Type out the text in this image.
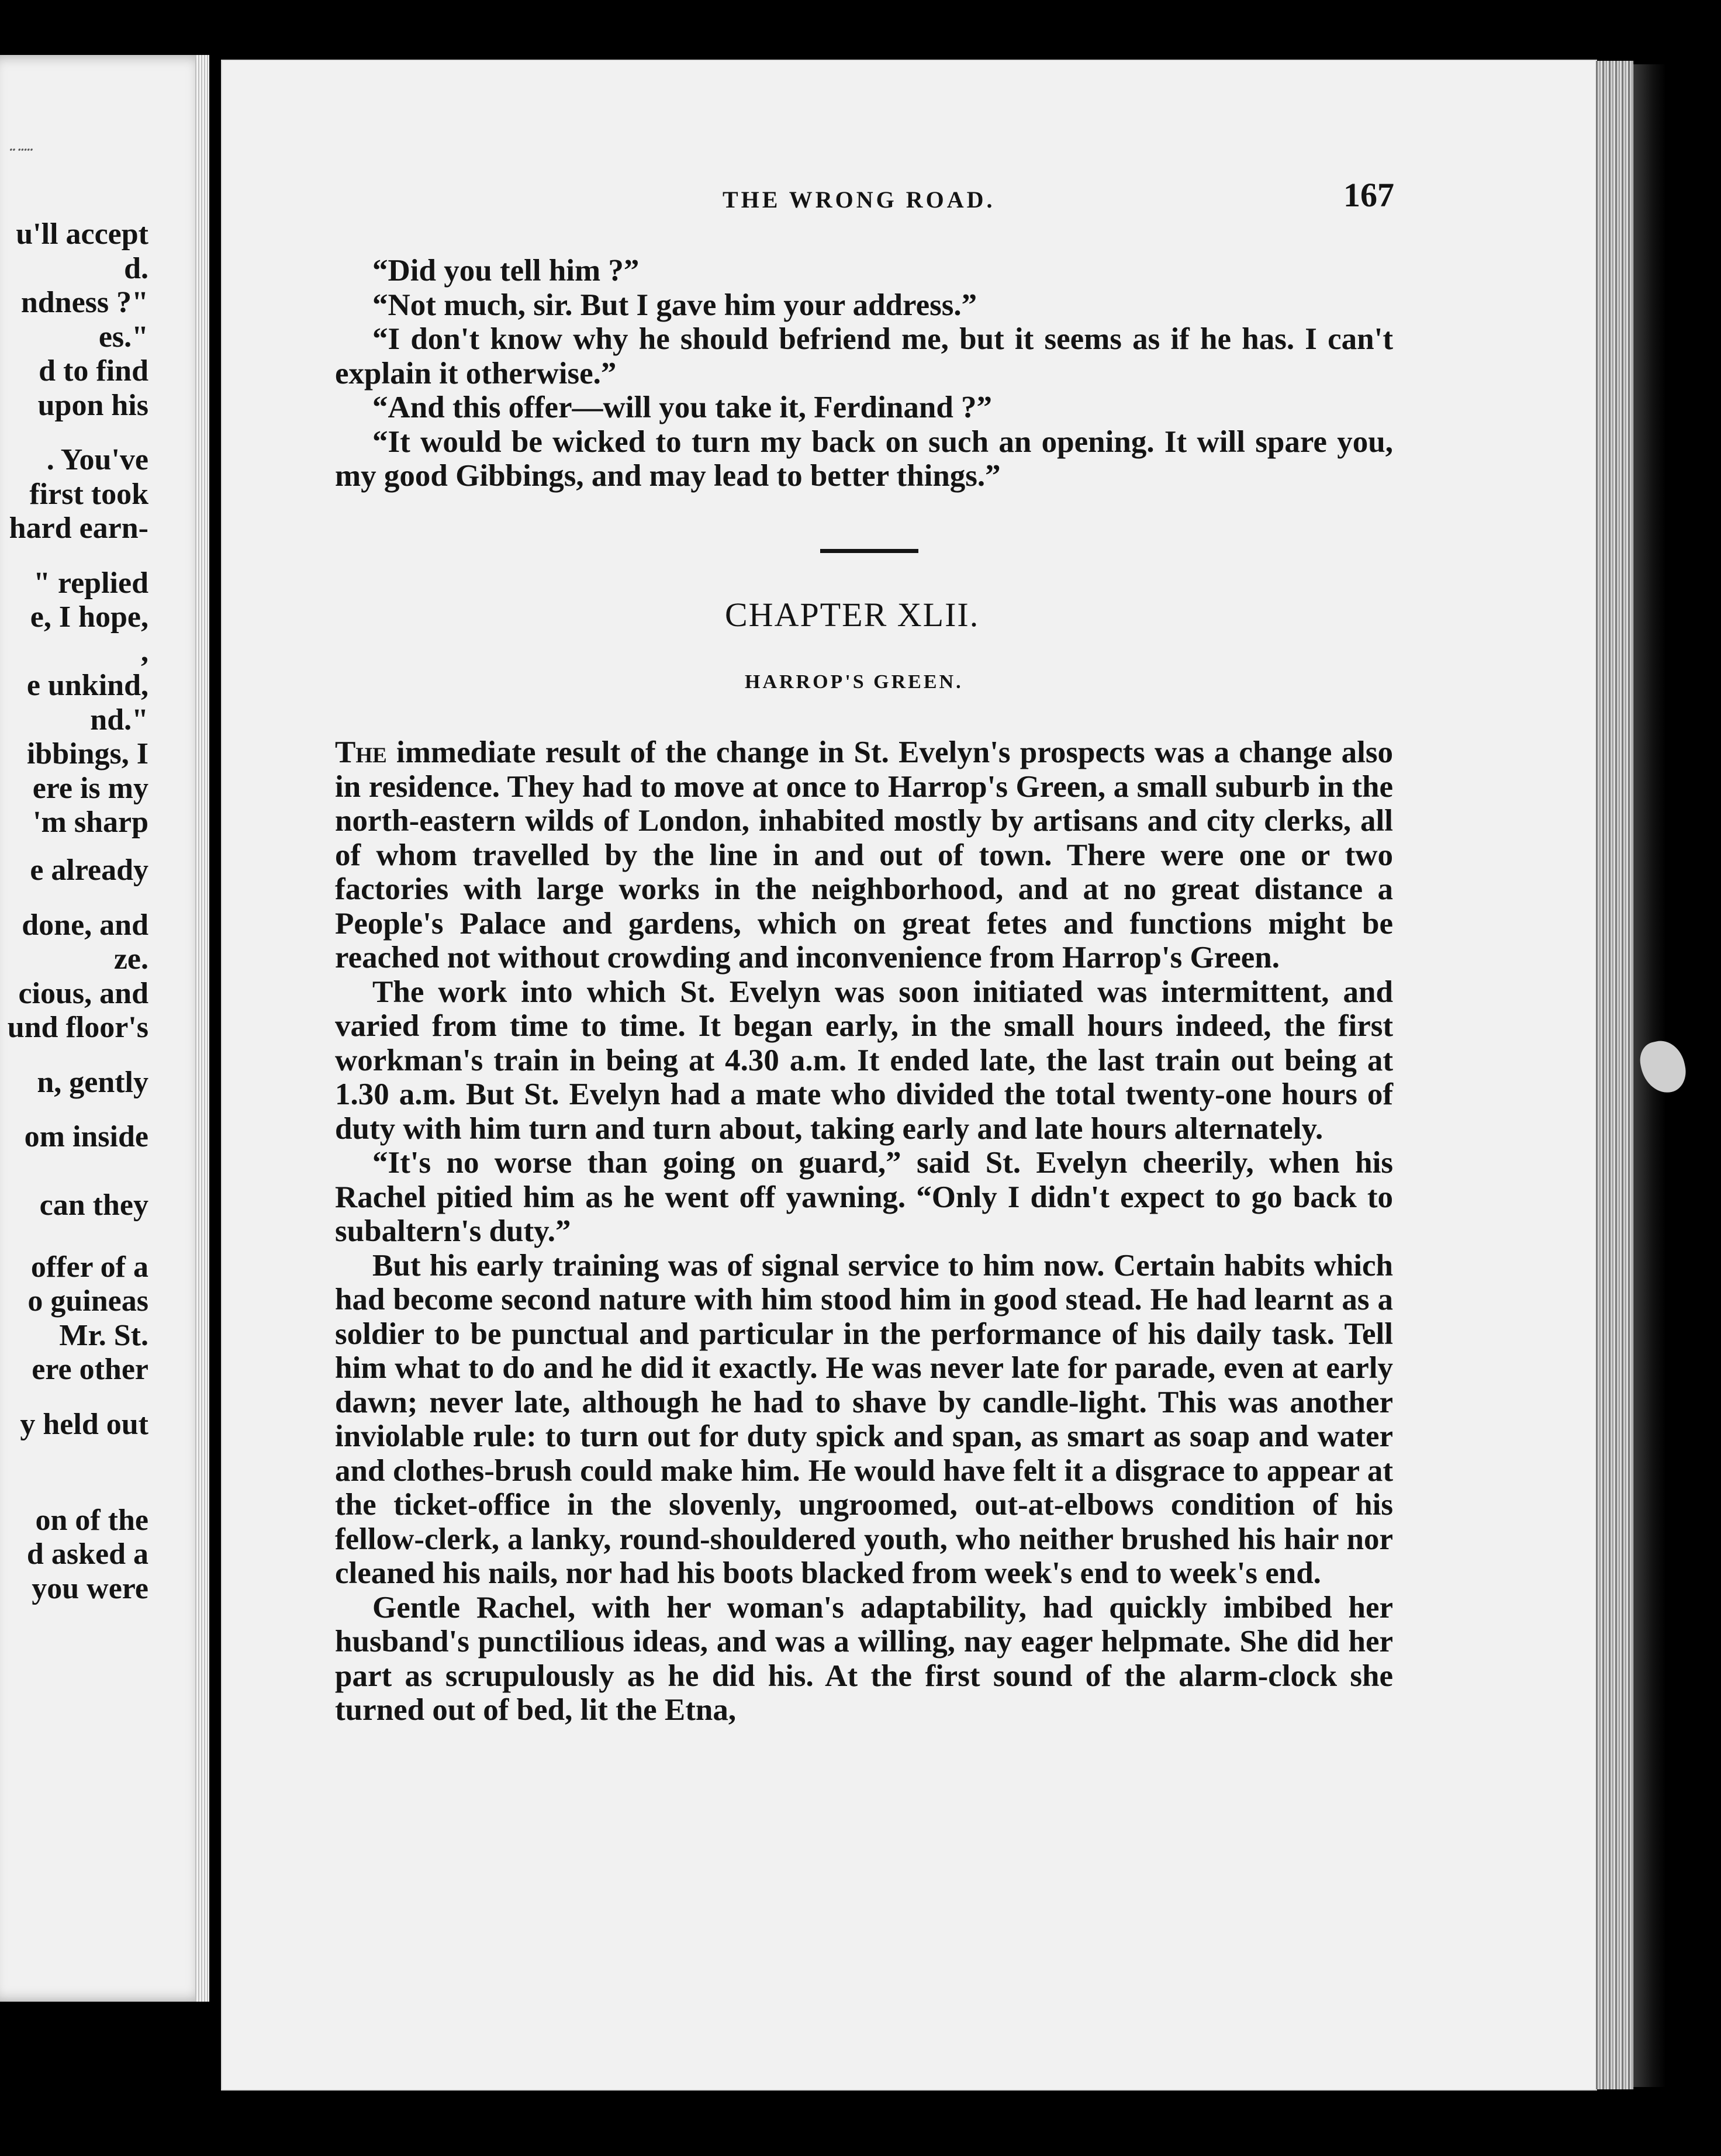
ꞏꞏ ꞏꞏꞏꞏꞏ
u'll accept
d.
ndness ?"
es."
d to find
upon his
. You've
first took
hard earn-
" replied
e, I hope,
,
e unkind,
nd."
ibbings, I
ere is my
'm sharp
e already
done, and
ze.
cious, and
und floor's
n, gently
om inside
can they
offer of a
o guineas
Mr. St.
ere other
y held out
on of the
d asked a
you were
THE WRONG ROAD.	167

“Did you tell him ?”

“Not much, sir. But I gave him your address.”

“I don't know why he should befriend me, but it seems as if he has. I can't explain it otherwise.”

“And this offer—will you take it, Ferdinand ?”

“It would be wicked to turn my back on such an opening. It will spare you, my good Gibbings, and may lead to better things.”

CHAPTER XLII.
HARROP'S GREEN.

The immediate result of the change in St. Evelyn's prospects was a change also in residence. They had to move at once to Harrop's Green, a small suburb in the north-eastern wilds of London, inhabited mostly by artisans and city clerks, all of whom travelled by the line in and out of town. There were one or two factories with large works in the neighborhood, and at no great distance a People's Palace and gardens, which on great fetes and functions might be reached not without crowding and inconvenience from Harrop's Green.

The work into which St. Evelyn was soon initiated was intermittent, and varied from time to time. It began early, in the small hours indeed, the first workman's train in being at 4.30 a.m. It ended late, the last train out being at 1.30 a.m. But St. Evelyn had a mate who divided the total twenty-one hours of duty with him turn and turn about, taking early and late hours alternately.

“It's no worse than going on guard,” said St. Evelyn cheerily, when his Rachel pitied him as he went off yawning. “Only I didn't expect to go back to subaltern's duty.”

But his early training was of signal service to him now. Certain habits which had become second nature with him stood him in good stead. He had learnt as a soldier to be punctual and particular in the performance of his daily task. Tell him what to do and he did it exactly. He was never late for parade, even at early dawn; never late, although he had to shave by candle-light. This was another inviolable rule: to turn out for duty spick and span, as smart as soap and water and clothes-brush could make him. He would have felt it a disgrace to appear at the ticket-office in the slovenly, ungroomed, out-at-elbows condition of his fellow-clerk, a lanky, round-shouldered youth, who neither brushed his hair nor cleaned his nails, nor had his boots blacked from week's end to week's end.

Gentle Rachel, with her woman's adaptability, had quickly imbibed her husband's punctilious ideas, and was a willing, nay eager helpmate. She did her part as scrupulously as he did his. At the first sound of the alarm-clock she turned out of bed, lit the Etna,
